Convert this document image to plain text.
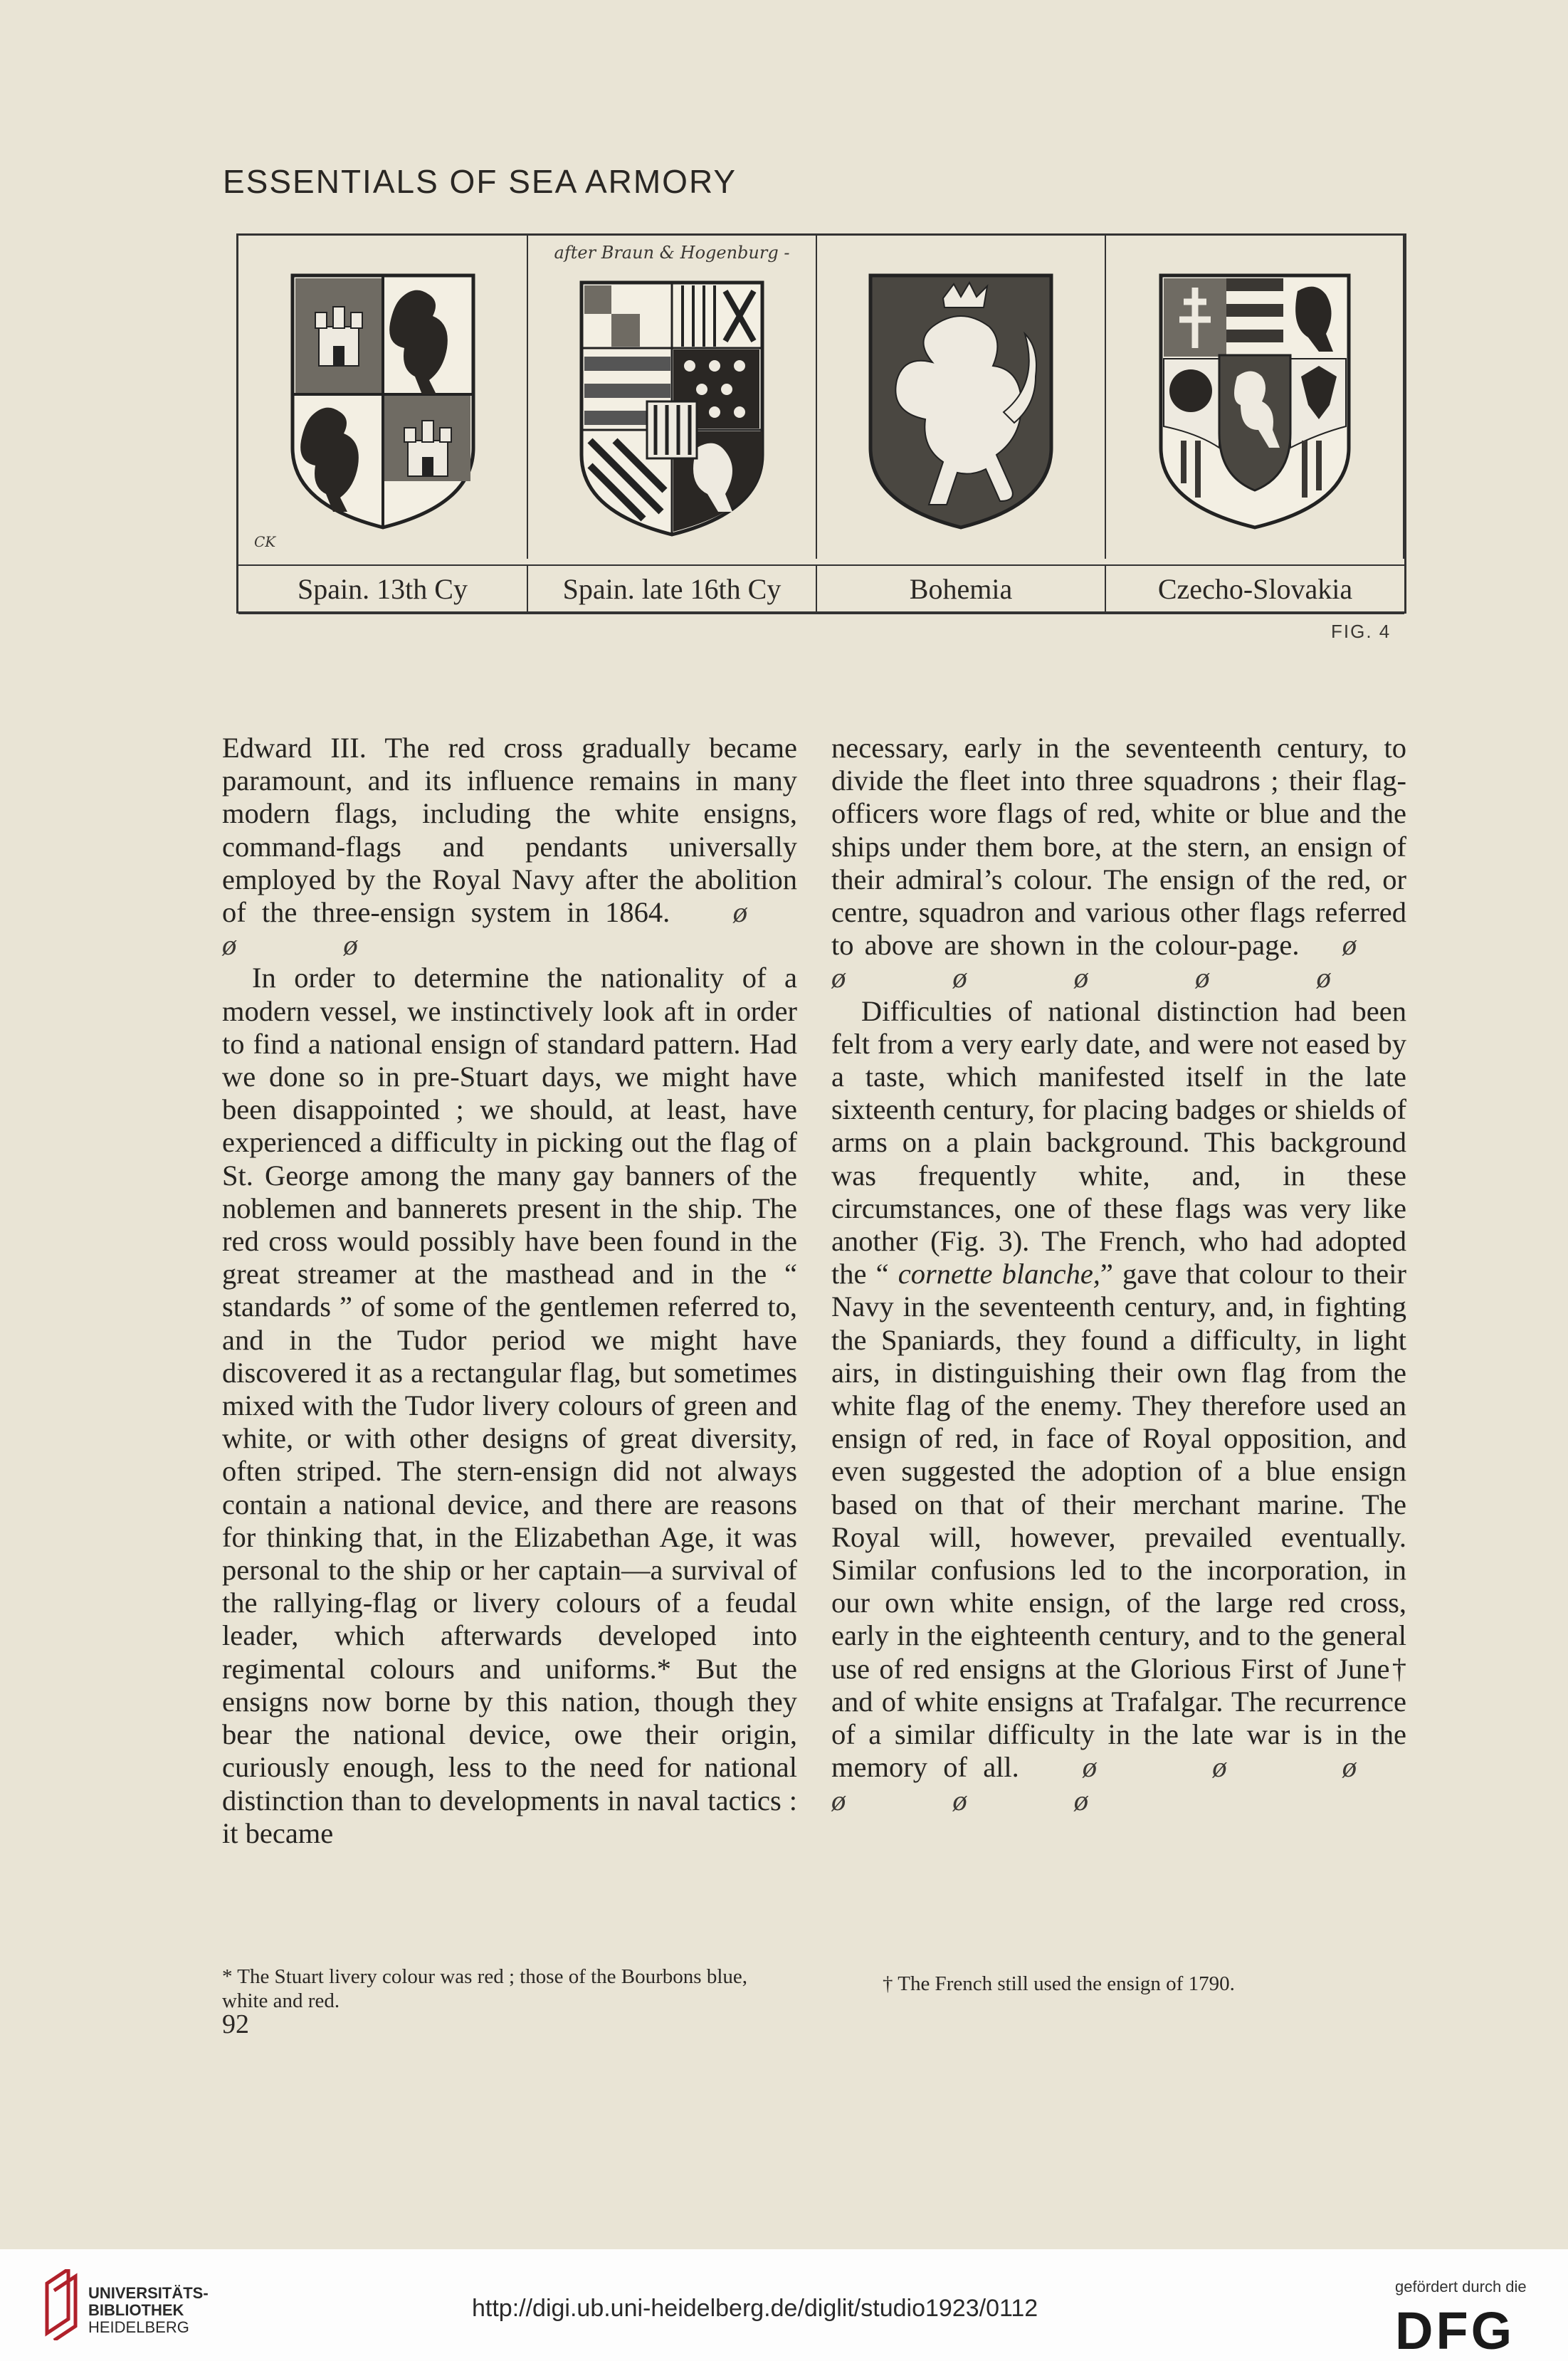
ESSENTIALS OF SEA ARMORY
CK
after Braun & Hogenburg -
Spain. 13th Cy	Spain. late 16th Cy	Bohemia	Czecho-Slovakia
FIG. 4

Edward III. The red cross gradually became paramount, and its influence remains in many modern flags, including the white ensigns, command-flags and pendants universally employed by the Royal Navy after the abolition of the three-ensign system in 1864. ø ø ø

In order to determine the nationality of a modern vessel, we instinctively look aft in order to find a national ensign of standard pattern. Had we done so in pre-Stuart days, we might have been disappointed ; we should, at least, have experienced a difficulty in picking out the flag of St. George among the many gay banners of the noblemen and bannerets present in the ship. The red cross would possibly have been found in the great streamer at the masthead and in the “ standards ” of some of the gentlemen referred to, and in the Tudor period we might have discovered it as a rectangular flag, but sometimes mixed with the Tudor livery colours of green and white, or with other designs of great diversity, often striped. The stern-ensign did not always contain a national device, and there are reasons for thinking that, in the Elizabethan Age, it was personal to the ship or her captain—a survival of the rallying-flag or livery colours of a feudal leader, which afterwards developed into regimental colours and uniforms.* But the ensigns now borne by this nation, though they bear the national device, owe their origin, curiously enough, less to the need for national distinction than to developments in naval tactics : it became

* The Stuart livery colour was red ; those of the Bourbons blue, white and red.
92

necessary, early in the seventeenth century, to divide the fleet into three squadrons ; their flag-officers wore flags of red, white or blue and the ships under them bore, at the stern, an ensign of their admiral’s colour. The ensign of the red, or centre, squadron and various other flags referred to above are shown in the colour-page. ø ø ø ø ø ø

Difficulties of national distinction had been felt from a very early date, and were not eased by a taste, which manifested itself in the late sixteenth century, for placing badges or shields of arms on a plain background. This background was frequently white, and, in these circumstances, one of these flags was very like another (Fig. 3). The French, who had adopted the “ cornette blanche,” gave that colour to their Navy in the seventeenth century, and, in fighting the Spaniards, they found a difficulty, in light airs, in distinguishing their own flag from the white flag of the enemy. They therefore used an ensign of red, in face of Royal opposition, and even suggested the adoption of a blue ensign based on that of their merchant marine. The Royal will, however, prevailed eventually. Similar confusions led to the incorporation, in our own white ensign, of the large red cross, early in the eighteenth century, and to the general use of red ensigns at the Glorious First of June† and of white ensigns at Trafalgar. The recurrence of a similar difficulty in the late war is in the memory of all. ø ø ø ø ø ø

† The French still used the ensign of 1790.
UNIVERSITÄTS-
BIBLIOTHEK
HEIDELBERG
http://digi.ub.uni-heidelberg.de/diglit/studio1923/0112
gefördert durch die
DFG
